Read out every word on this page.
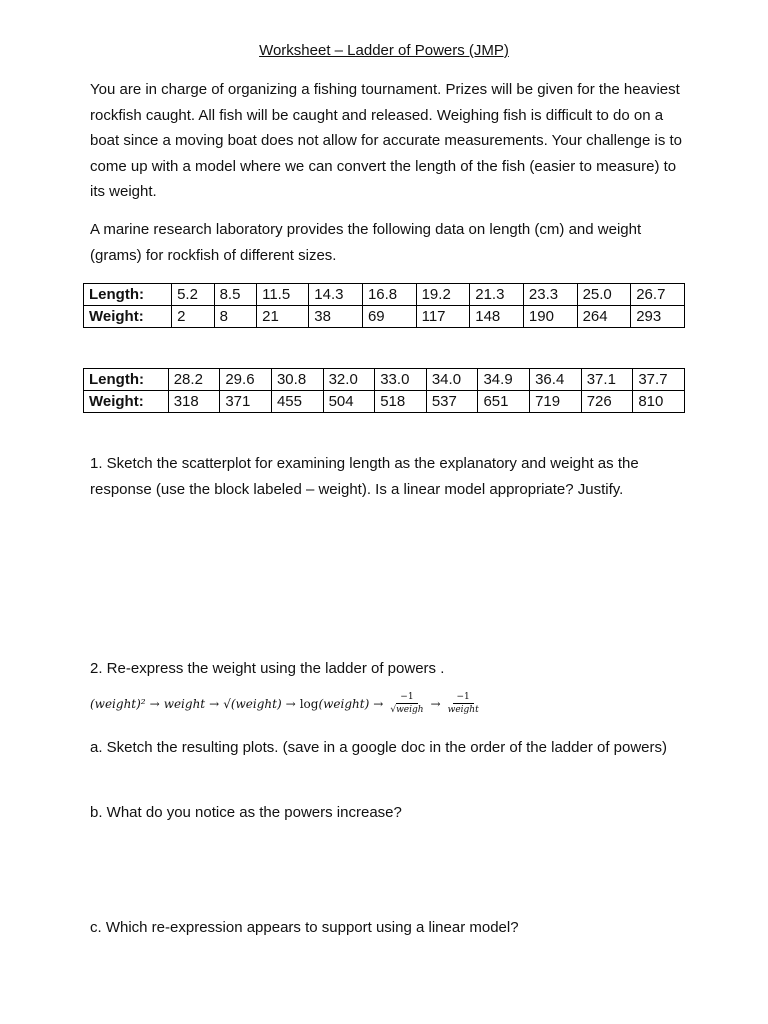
Worksheet – Ladder of Powers (JMP)

You are in charge of organizing a fishing tournament. Prizes will be given for the heaviest rockfish caught. All fish will be caught and released. Weighing fish is difficult to do on a boat since a moving boat does not allow for accurate measurements. Your challenge is to come up with a model where we can convert the length of the fish (easier to measure) to its weight.

A marine research laboratory provides the following data on length (cm) and weight (grams) for rockfish of different sizes.

Length:	5.2	8.5	11.5	14.3	16.8	19.2	21.3	23.3	25.0	26.7
Weight:	2	8	21	38	69	117	148	190	264	293
Length:	28.2	29.6	30.8	32.0	33.0	34.0	34.9	36.4	37.1	37.7
Weight:	318	371	455	504	518	537	651	719	726	810

1. Sketch the scatterplot for examining length as the explanatory and weight as the response (use the block labeled – weight). Is a linear model appropriate? Justify.

2. Re-express the weight using the ladder of powers .

(weight)² → weight → √(weight) → log (weight) → $\frac{-1}{\text{√weigh}} \to \frac{-1}{\text{weight}}$

a. Sketch the resulting plots. (save in a google doc in the order of the ladder of powers)

b. What do you notice as the powers increase?

c. Which re-expression appears to support using a linear model?
